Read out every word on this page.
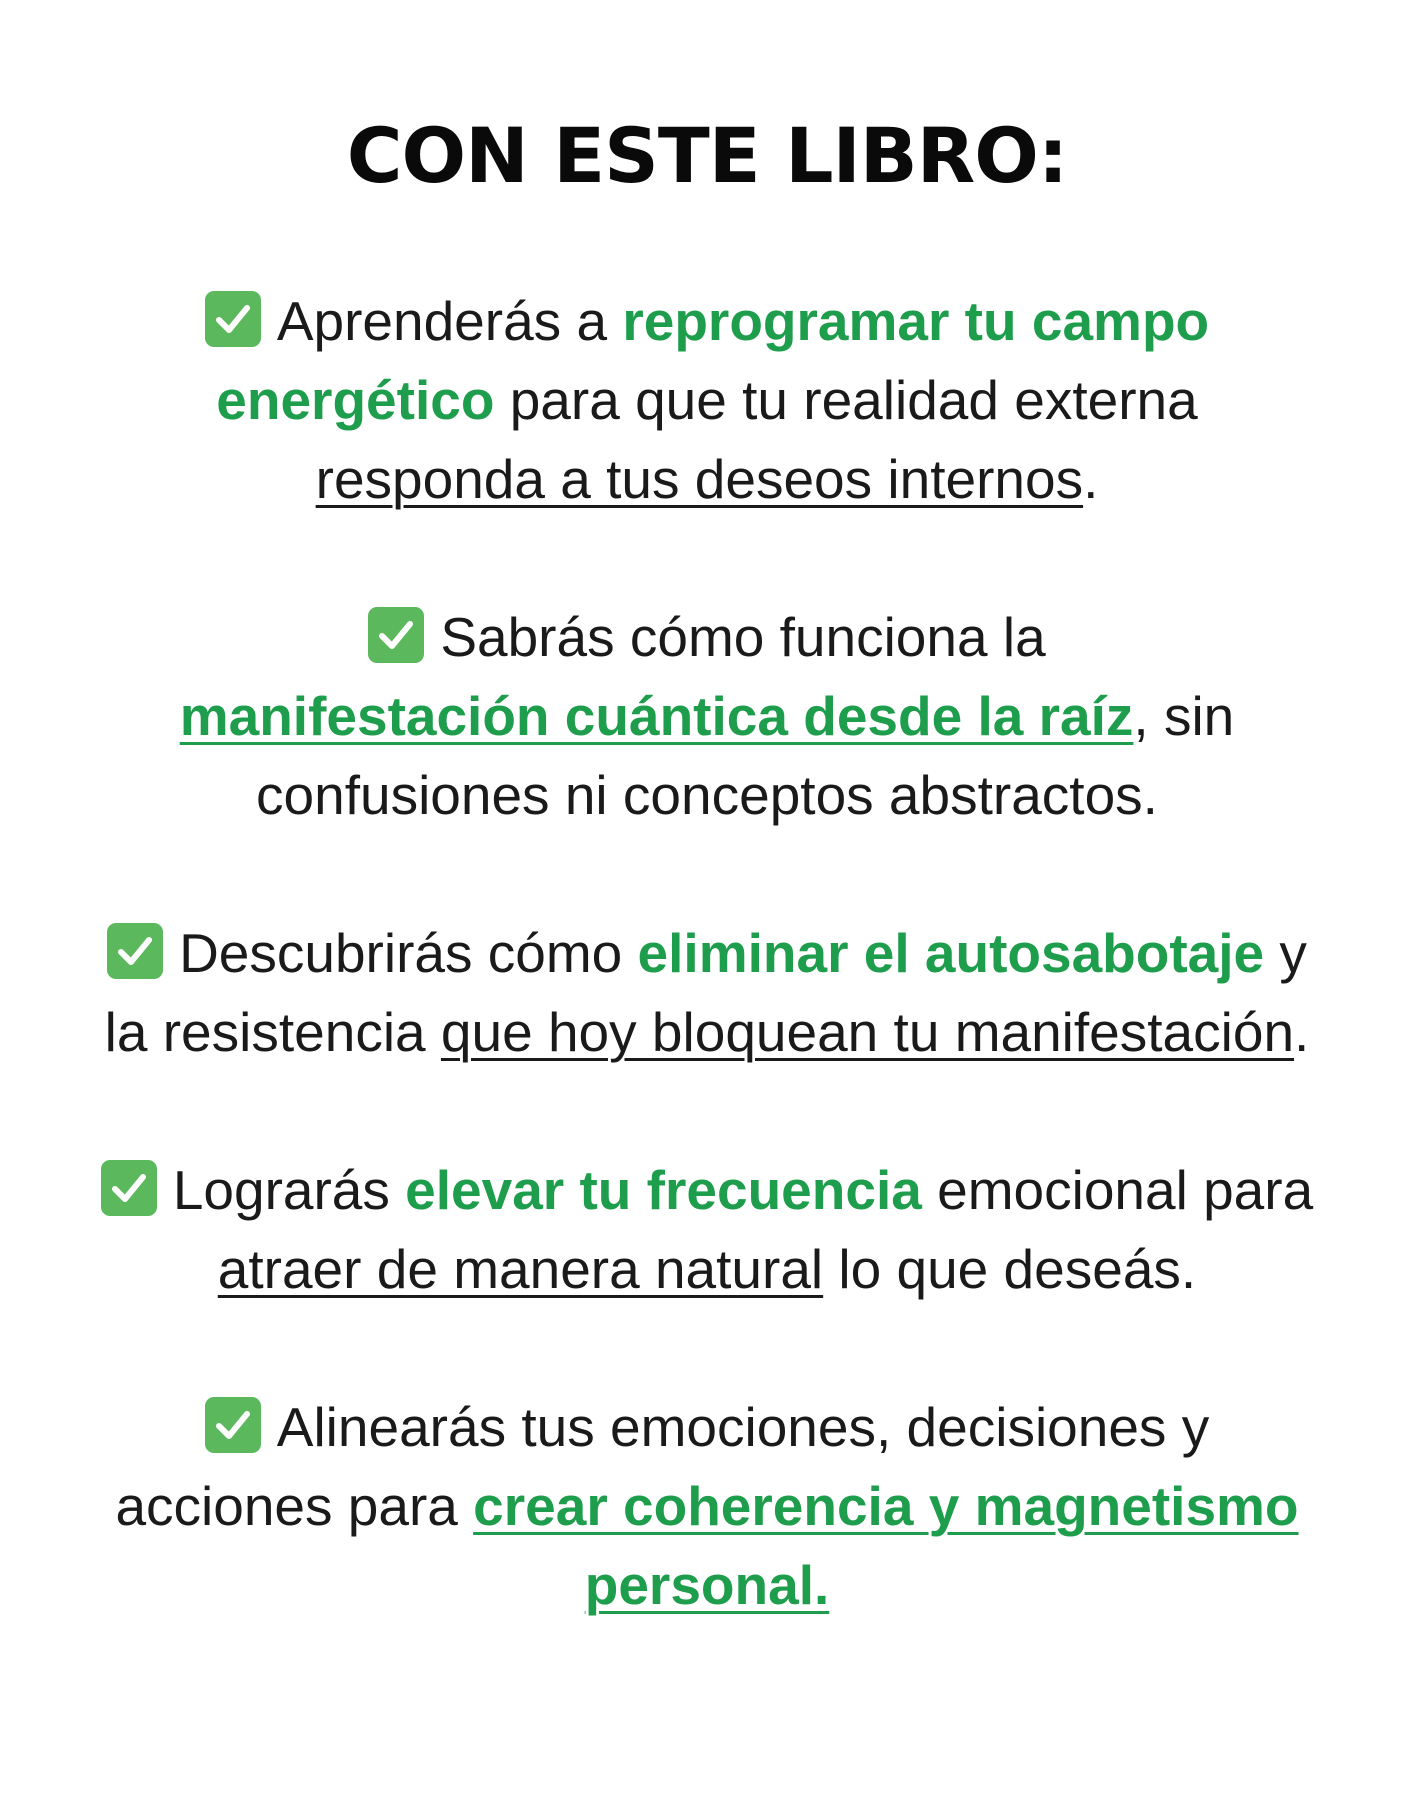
CON ESTE LIBRO:

Aprenderás a reprogramar tu campo energético para que tu realidad externa responda a tus deseos internos.

Sabrás cómo funciona la
manifestación cuántica desde la raíz, sin confusiones ni conceptos abstractos.

Descubrirás cómo eliminar el autosabotaje y la resistencia que hoy bloquean tu manifestación.

Lograrás elevar tu frecuencia emocional para atraer de manera natural lo que deseás.

Alinearás tus emociones, decisiones y acciones para crear coherencia y magnetismo personal.
